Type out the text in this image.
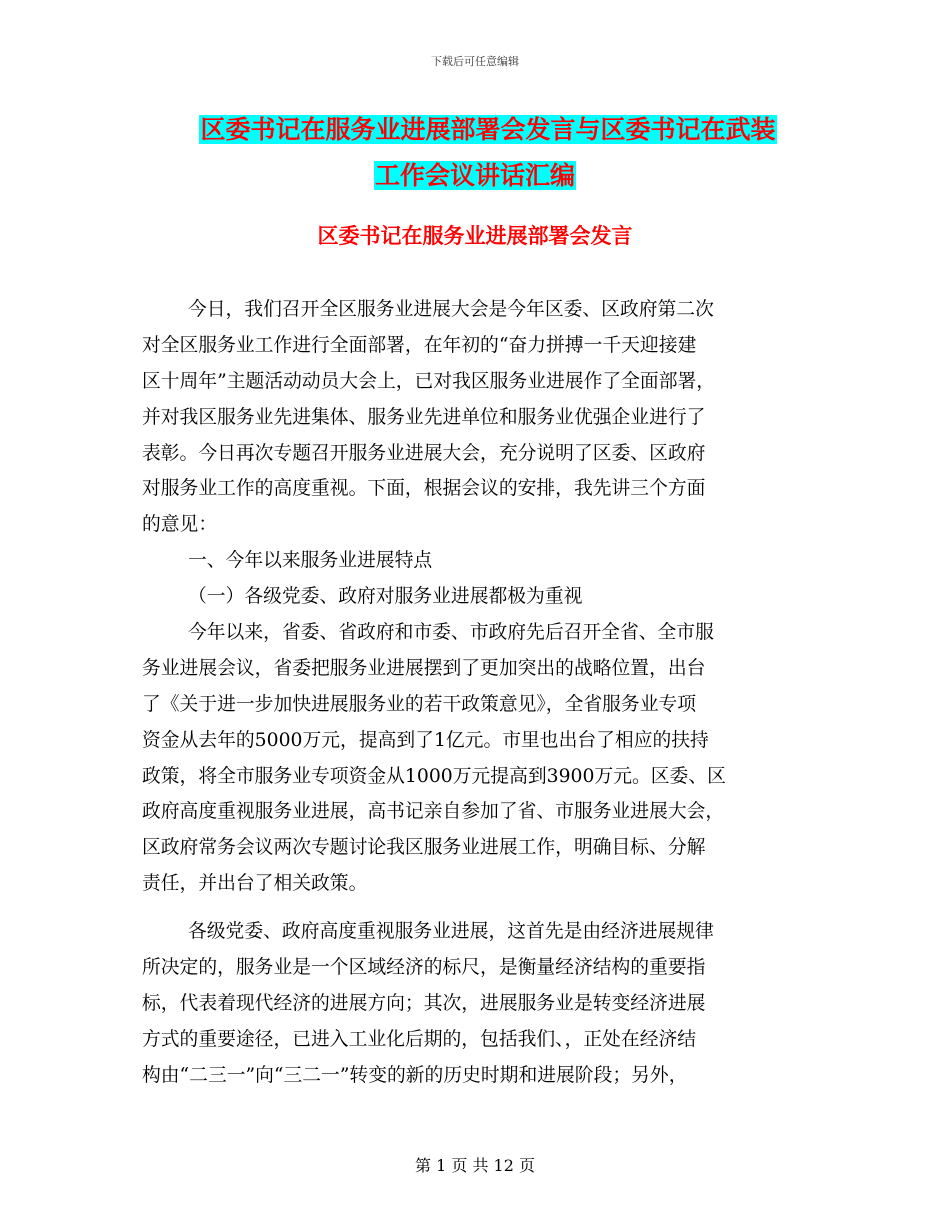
下载后可任意编辑
区委书记在服务业进展部署会发言与区委书记在武装
工作会议讲话汇编
区委书记在服务业进展部署会发言
今日，我们召开全区服务业进展大会是今年区委、区政府第二次
对全区服务业工作进行全面部署，在年初的“奋力拼搏一千天迎接建
区十周年”主题活动动员大会上，已对我区服务业进展作了全面部署，
并对我区服务业先进集体、服务业先进单位和服务业优强企业进行了
表彰。今日再次专题召开服务业进展大会，充分说明了区委、区政府
对服务业工作的高度重视。下面，根据会议的安排，我先讲三个方面
的意见：
一、今年以来服务业进展特点
（一）各级党委、政府对服务业进展都极为重视
今年以来，省委、省政府和市委、市政府先后召开全省、全市服
务业进展会议，省委把服务业进展摆到了更加突出的战略位置，出台
了《关于进一步加快进展服务业的若干政策意见》，全省服务业专项
资金从去年的5000万元，提高到了1亿元。市里也出台了相应的扶持
政策，将全市服务业专项资金从1000万元提高到3900万元。区委、区
政府高度重视服务业进展，高书记亲自参加了省、市服务业进展大会，
区政府常务会议两次专题讨论我区服务业进展工作，明确目标、分解
责任，并出台了相关政策。
各级党委、政府高度重视服务业进展，这首先是由经济进展规律
所决定的，服务业是一个区域经济的标尺，是衡量经济结构的重要指
标，代表着现代经济的进展方向；其次，进展服务业是转变经济进展
方式的重要途径，已进入工业化后期的，包括我们、，正处在经济结
构由“二三一”向“三二一”转变的新的历史时期和进展阶段；另外，
第 1 页 共 12 页
